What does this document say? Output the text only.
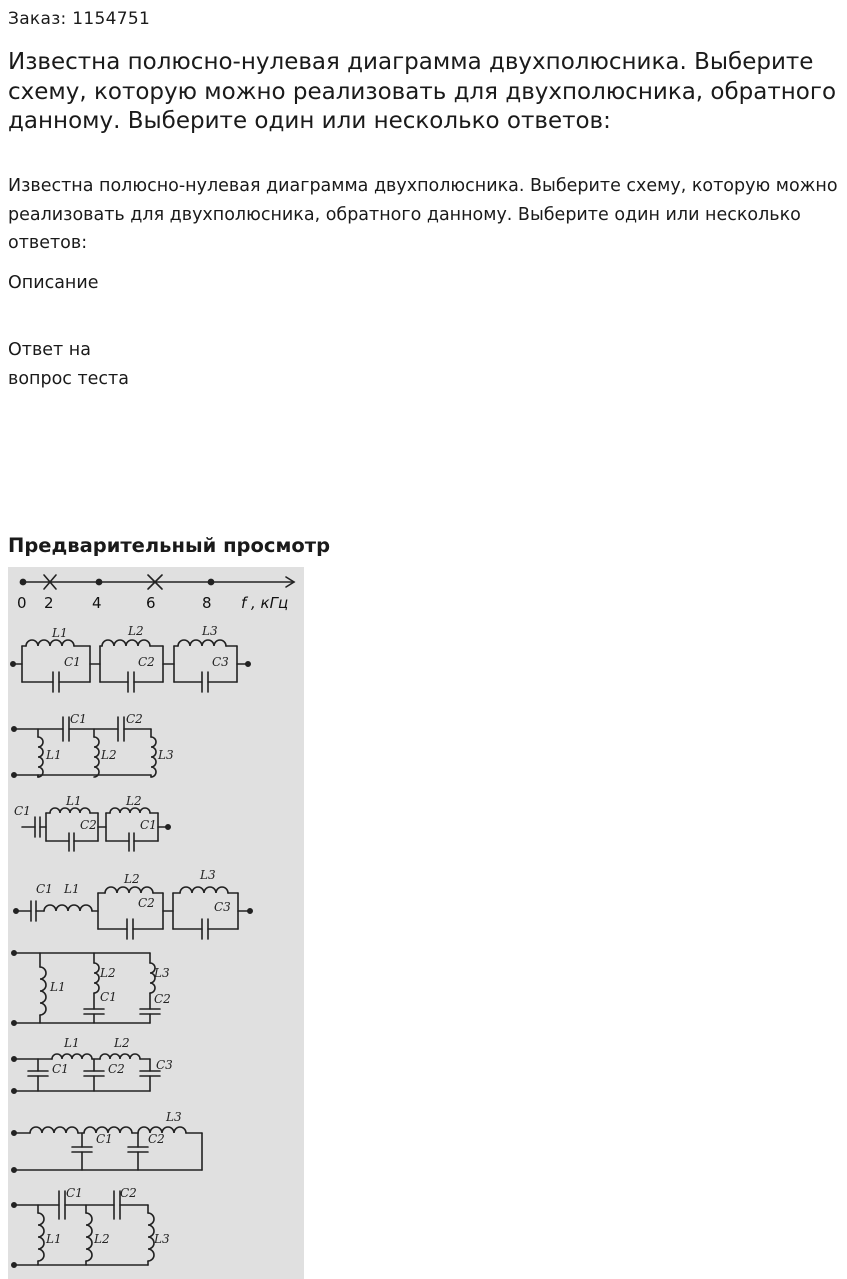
Заказ: 1154751
Известна полюсно-нулевая диаграмма двухполюсника. Выберите схему, которую можно реализовать для двухполюсника, обратного данному. Выберите один или несколько ответов:

Известна полюсно-нулевая диаграмма двухполюсника. Выберите схему, которую можно реализовать для двухполюсника, обратного данному. Выберите один или несколько ответов:

Описание
Ответ на
вопрос теста
Предварительный просмотр
0 2	4	6	8 f , кГц
L1
C1
L2
C2
L3
C3
C1	C2
L1	L2	L3
C1
L1
C2
L2
C1
C1 L1
L2
C2
L3
C3
L1
L2
C1
L3
C2
L1
C1
L2
C2	C3
C1	C2
L3
C1	C2
L1	L2	L3
